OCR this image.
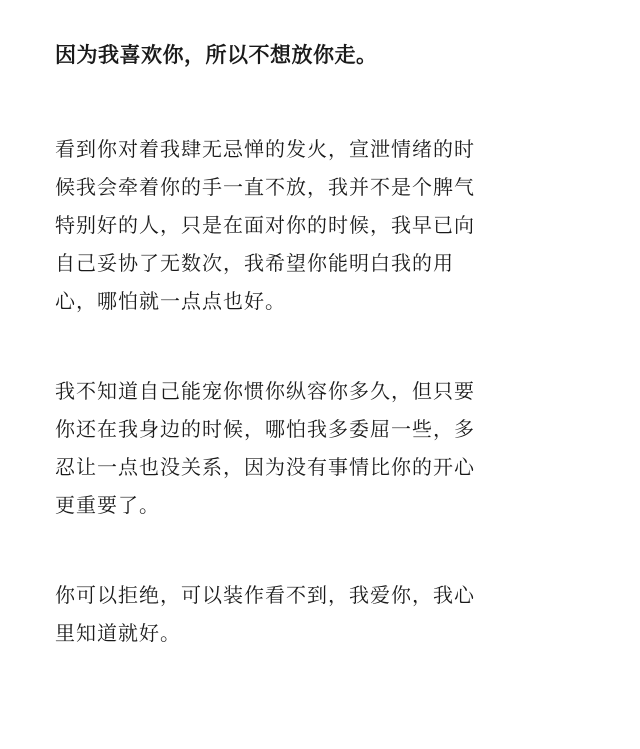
因为我喜欢你，所以不想放你走。

看到你对着我肆无忌惮的发火，宣泄情绪的时
候我会牵着你的手一直不放，我并不是个脾气
特别好的人，只是在面对你的时候，我早已向
自己妥协了无数次，我希望你能明白我的用
心，哪怕就一点点也好。

我不知道自己能宠你惯你纵容你多久，但只要
你还在我身边的时候，哪怕我多委屈一些，多
忍让一点也没关系，因为没有事情比你的开心
更重要了。

你可以拒绝，可以装作看不到，我爱你，我心
里知道就好。
